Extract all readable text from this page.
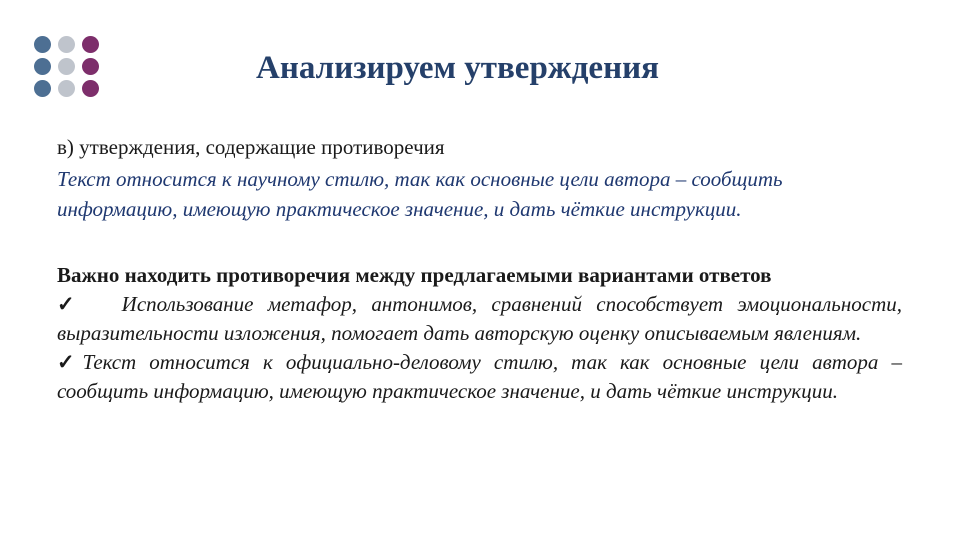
Анализируем утверждения

в) утверждения, содержащие противоречия

Текст относится к научному стилю, так как основные цели автора – сообщить информацию, имеющую практическое значение, и дать чёткие инструкции.

Важно находить противоречия между предлагаемыми вариантами ответов

✓ Использование метафор, антонимов, сравнений способствует эмоциональности, выразительности изложения, помогает дать авторскую оценку описываемым явлениям.

✓Текст относится к официально-деловому стилю, так как основные цели автора – сообщить информацию, имеющую практическое значение, и дать чёткие инструкции.
